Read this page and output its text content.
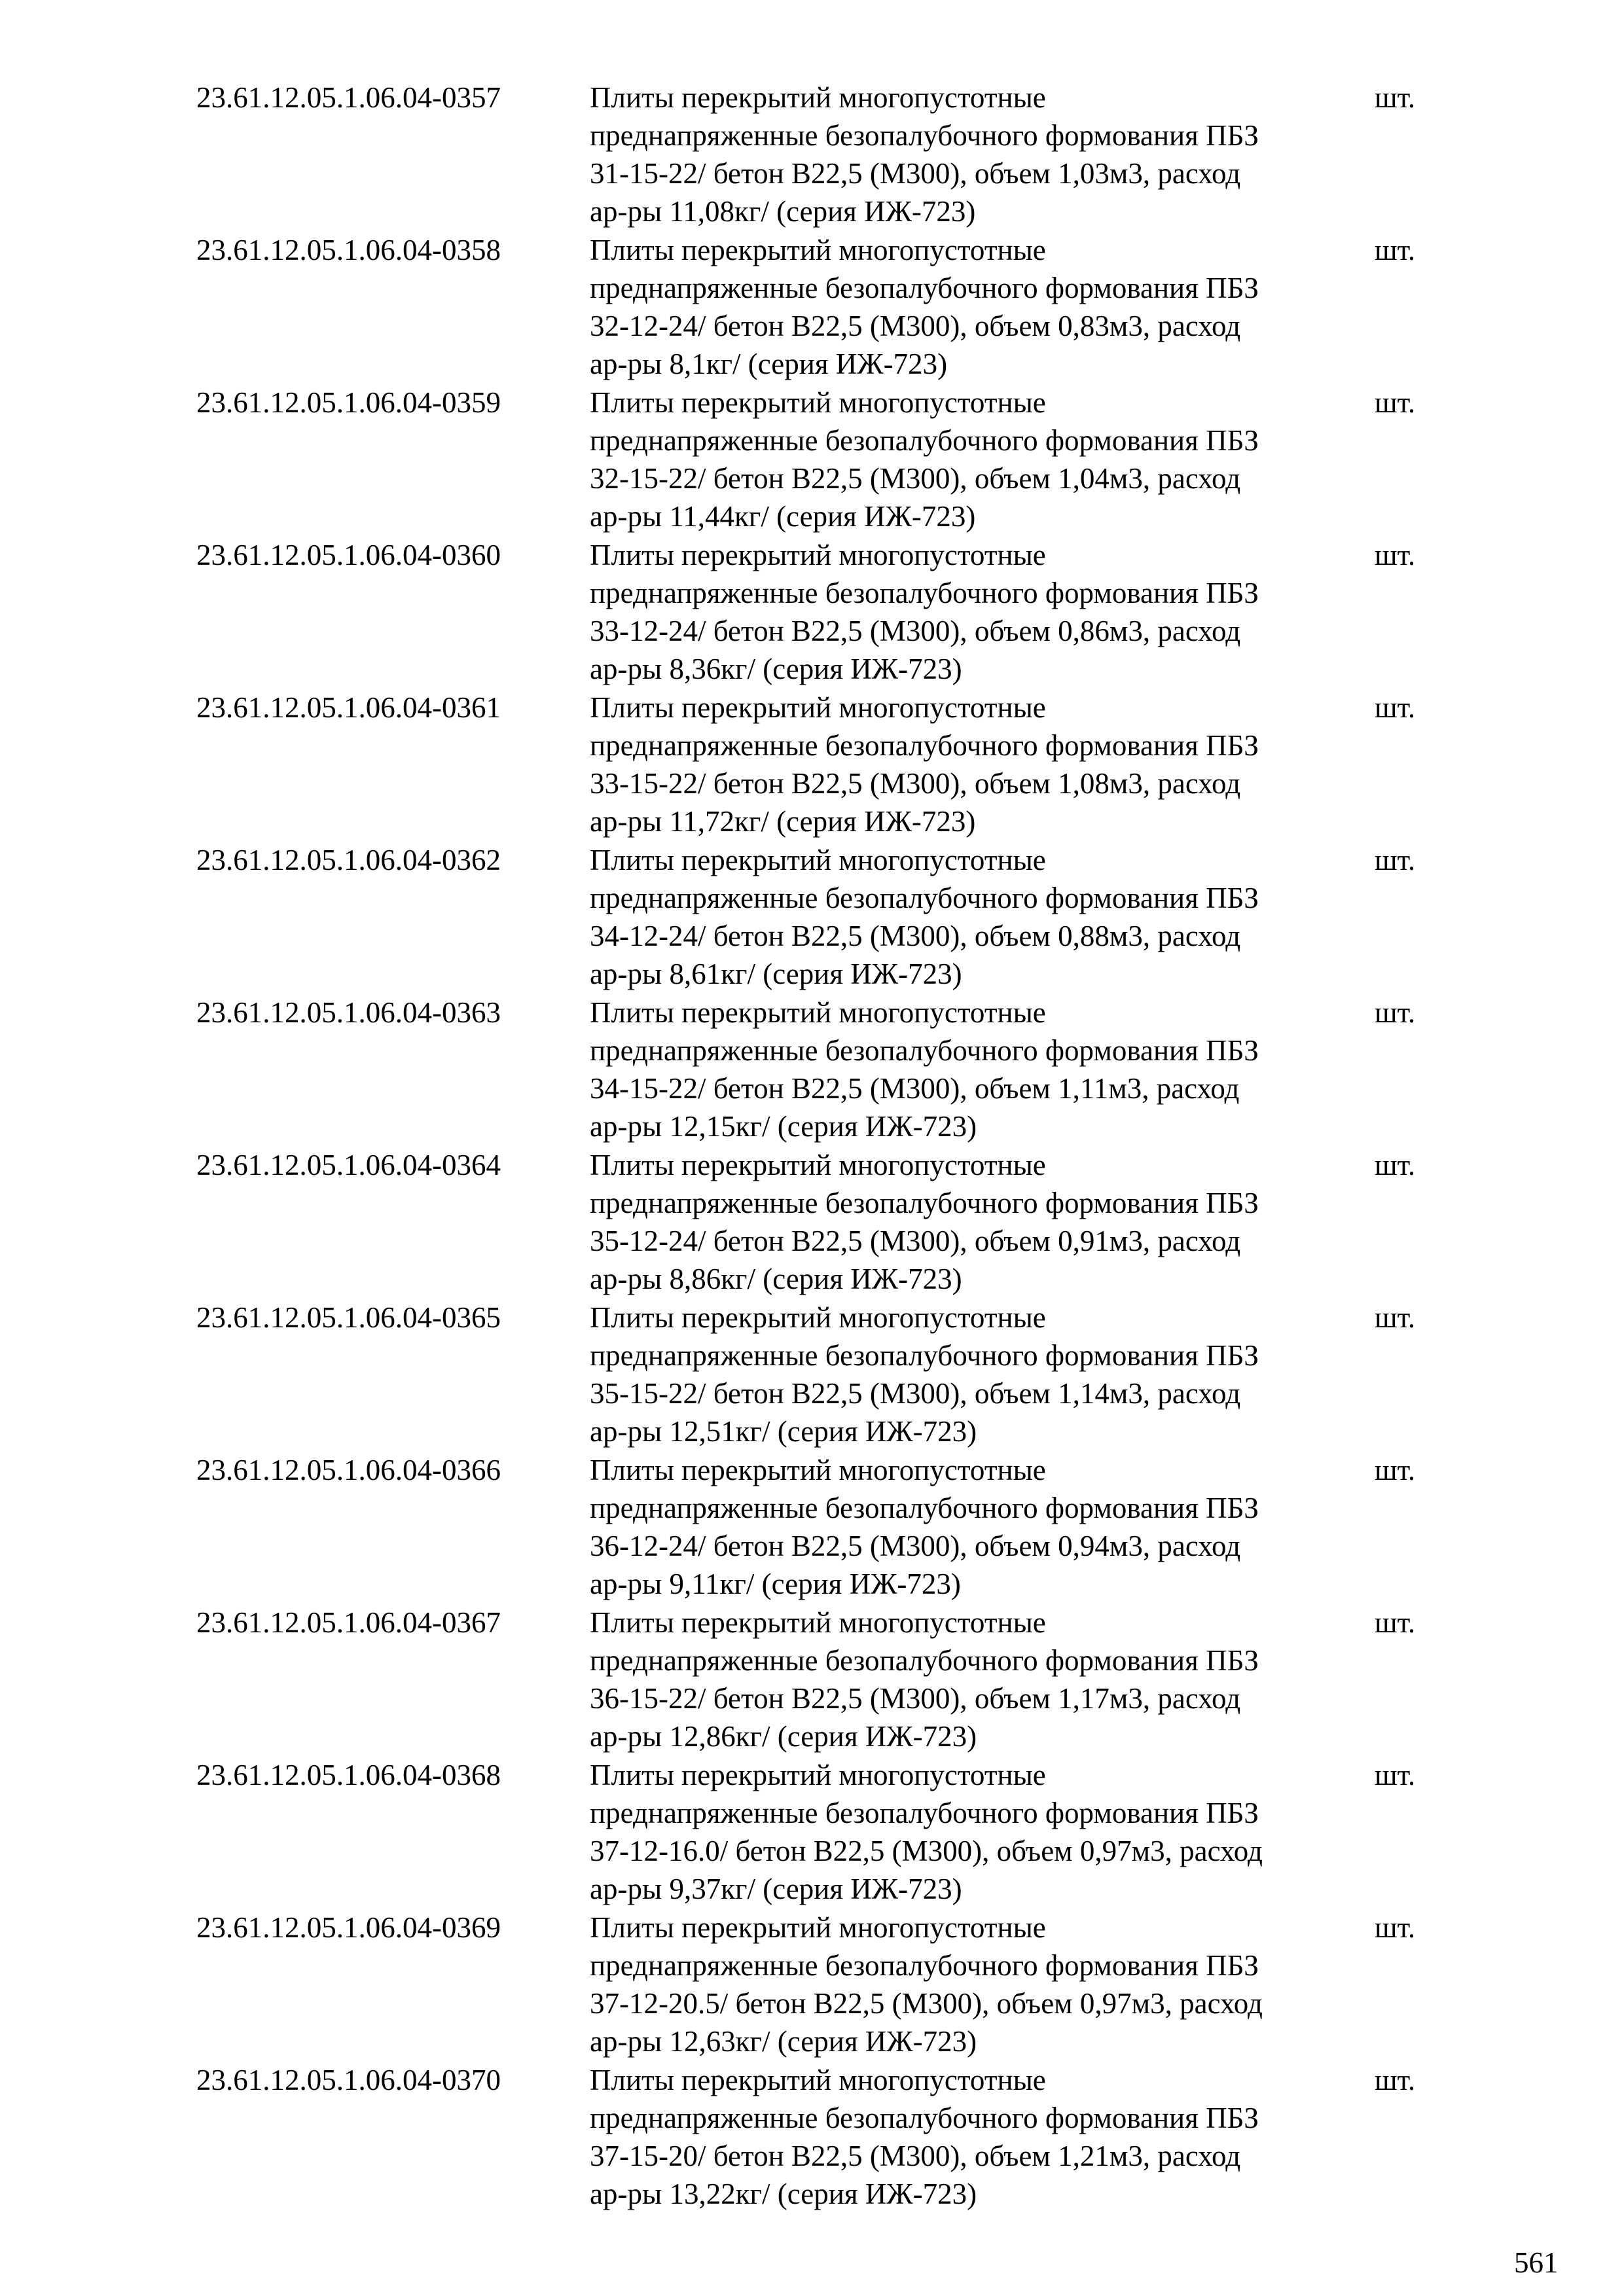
23.61.12.05.1.06.04-0357	Плиты перекрытий многопустотные
преднапряженные безопалубочного формования ПБЗ
31-15-22/ бетон В22,5 (М300), объем 1,03м3, расход
ар-ры 11,08кг/ (серия ИЖ-723)
шт.
23.61.12.05.1.06.04-0358	Плиты перекрытий многопустотные
преднапряженные безопалубочного формования ПБЗ
32-12-24/ бетон В22,5 (М300), объем 0,83м3, расход
ар-ры 8,1кг/ (серия ИЖ-723)
шт.
23.61.12.05.1.06.04-0359	Плиты перекрытий многопустотные
преднапряженные безопалубочного формования ПБЗ
32-15-22/ бетон В22,5 (М300), объем 1,04м3, расход
ар-ры 11,44кг/ (серия ИЖ-723)
шт.
23.61.12.05.1.06.04-0360	Плиты перекрытий многопустотные
преднапряженные безопалубочного формования ПБЗ
33-12-24/ бетон В22,5 (М300), объем 0,86м3, расход
ар-ры 8,36кг/ (серия ИЖ-723)
шт.
23.61.12.05.1.06.04-0361	Плиты перекрытий многопустотные
преднапряженные безопалубочного формования ПБЗ
33-15-22/ бетон В22,5 (М300), объем 1,08м3, расход
ар-ры 11,72кг/ (серия ИЖ-723)
шт.
23.61.12.05.1.06.04-0362	Плиты перекрытий многопустотные
преднапряженные безопалубочного формования ПБЗ
34-12-24/ бетон В22,5 (М300), объем 0,88м3, расход
ар-ры 8,61кг/ (серия ИЖ-723)
шт.
23.61.12.05.1.06.04-0363	Плиты перекрытий многопустотные
преднапряженные безопалубочного формования ПБЗ
34-15-22/ бетон В22,5 (М300), объем 1,11м3, расход
ар-ры 12,15кг/ (серия ИЖ-723)
шт.
23.61.12.05.1.06.04-0364	Плиты перекрытий многопустотные
преднапряженные безопалубочного формования ПБЗ
35-12-24/ бетон В22,5 (М300), объем 0,91м3, расход
ар-ры 8,86кг/ (серия ИЖ-723)
шт.
23.61.12.05.1.06.04-0365	Плиты перекрытий многопустотные
преднапряженные безопалубочного формования ПБЗ
35-15-22/ бетон В22,5 (М300), объем 1,14м3, расход
ар-ры 12,51кг/ (серия ИЖ-723)
шт.
23.61.12.05.1.06.04-0366	Плиты перекрытий многопустотные
преднапряженные безопалубочного формования ПБЗ
36-12-24/ бетон В22,5 (М300), объем 0,94м3, расход
ар-ры 9,11кг/ (серия ИЖ-723)
шт.
23.61.12.05.1.06.04-0367	Плиты перекрытий многопустотные
преднапряженные безопалубочного формования ПБЗ
36-15-22/ бетон В22,5 (М300), объем 1,17м3, расход
ар-ры 12,86кг/ (серия ИЖ-723)
шт.
23.61.12.05.1.06.04-0368	Плиты перекрытий многопустотные
преднапряженные безопалубочного формования ПБЗ
37-12-16.0/ бетон В22,5 (М300), объем 0,97м3, расход
ар-ры 9,37кг/ (серия ИЖ-723)
шт.
23.61.12.05.1.06.04-0369	Плиты перекрытий многопустотные
преднапряженные безопалубочного формования ПБЗ
37-12-20.5/ бетон В22,5 (М300), объем 0,97м3, расход
ар-ры 12,63кг/ (серия ИЖ-723)
шт.
23.61.12.05.1.06.04-0370	Плиты перекрытий многопустотные
преднапряженные безопалубочного формования ПБЗ
37-15-20/ бетон В22,5 (М300), объем 1,21м3, расход
ар-ры 13,22кг/ (серия ИЖ-723)
шт.
561
